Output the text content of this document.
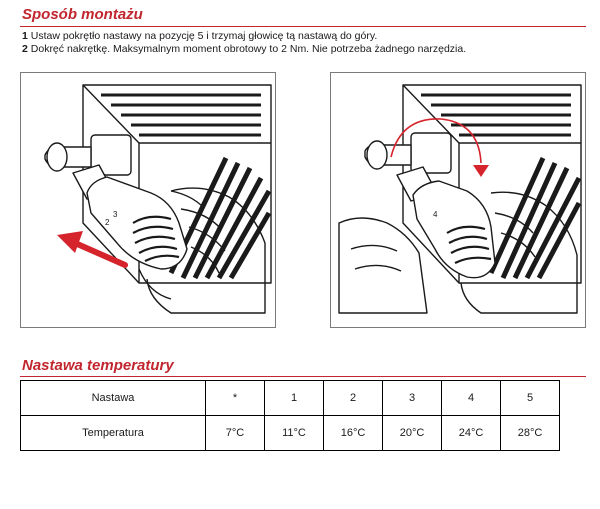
Sposób montażu
1 Ustaw pokrętło nastawy na pozycję 5 i trzymaj głowicę tą nastawą do góry.
2 Dokręć nakrętkę. Maksymalnym moment obrotowy to 2 Nm. Nie potrzeba żadnego narzędzia.
2
3	4
Nastawa temperatury
Nastawa	*	1	2	3	4	5
Temperatura	7°C	11°C	16°C	20°C	24°C	28°C
